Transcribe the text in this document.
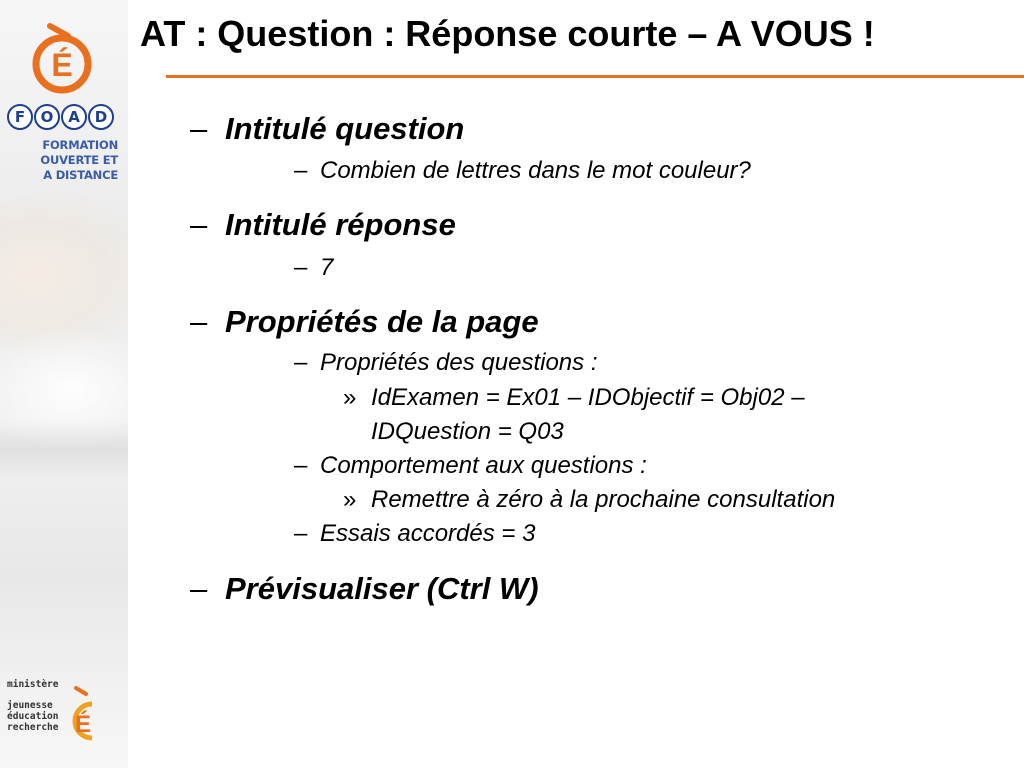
É
F	O A D
FORMATION
OUVERTE ET
A DISTANCE
ministère
jeunesse
éducation
recherche É
AT : Question : Réponse courte – A VOUS !
– Intitulé question
– Combien de lettres dans le mot couleur?
– Intitulé réponse
– 7
– Propriétés de la page
– Propriétés des questions :
» IdExamen = Ex01 – IDObjectif = Obj02 –
IDQuestion = Q03
– Comportement aux questions :
» Remettre à zéro à la prochaine consultation
– Essais accordés = 3
– Prévisualiser (Ctrl W)
